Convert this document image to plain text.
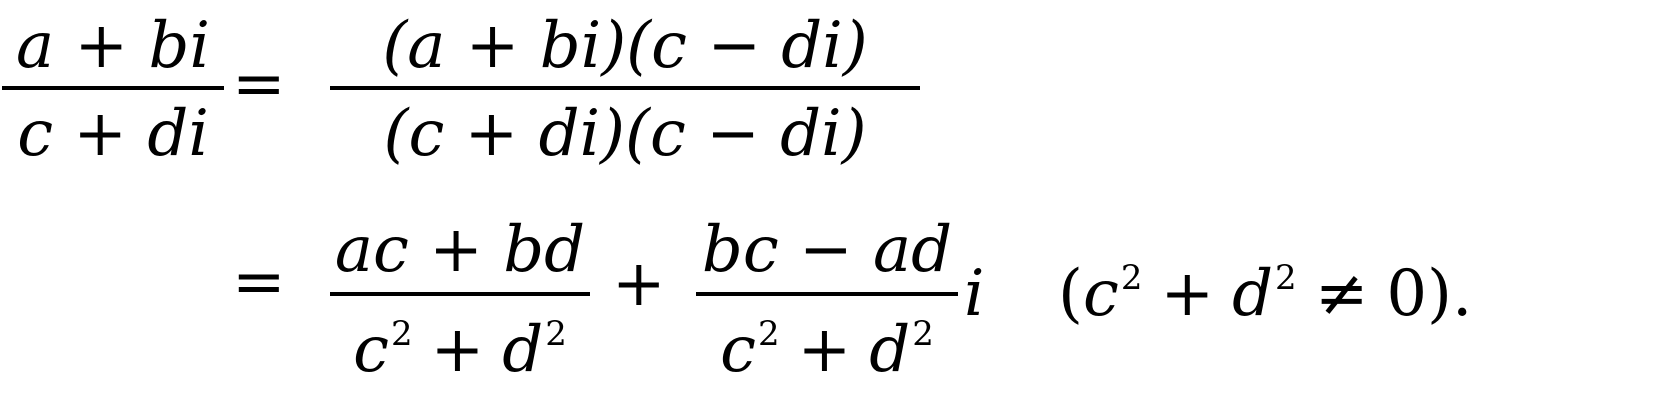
a + bi
c + di
=
(a + bi)(c − di)
(c + di)(c − di)
= ac + bd
$c^2 + d^2$
+ bc − ad
$c^2 + d^2$
i $(c^2 + d^2 \ne 0)$.
